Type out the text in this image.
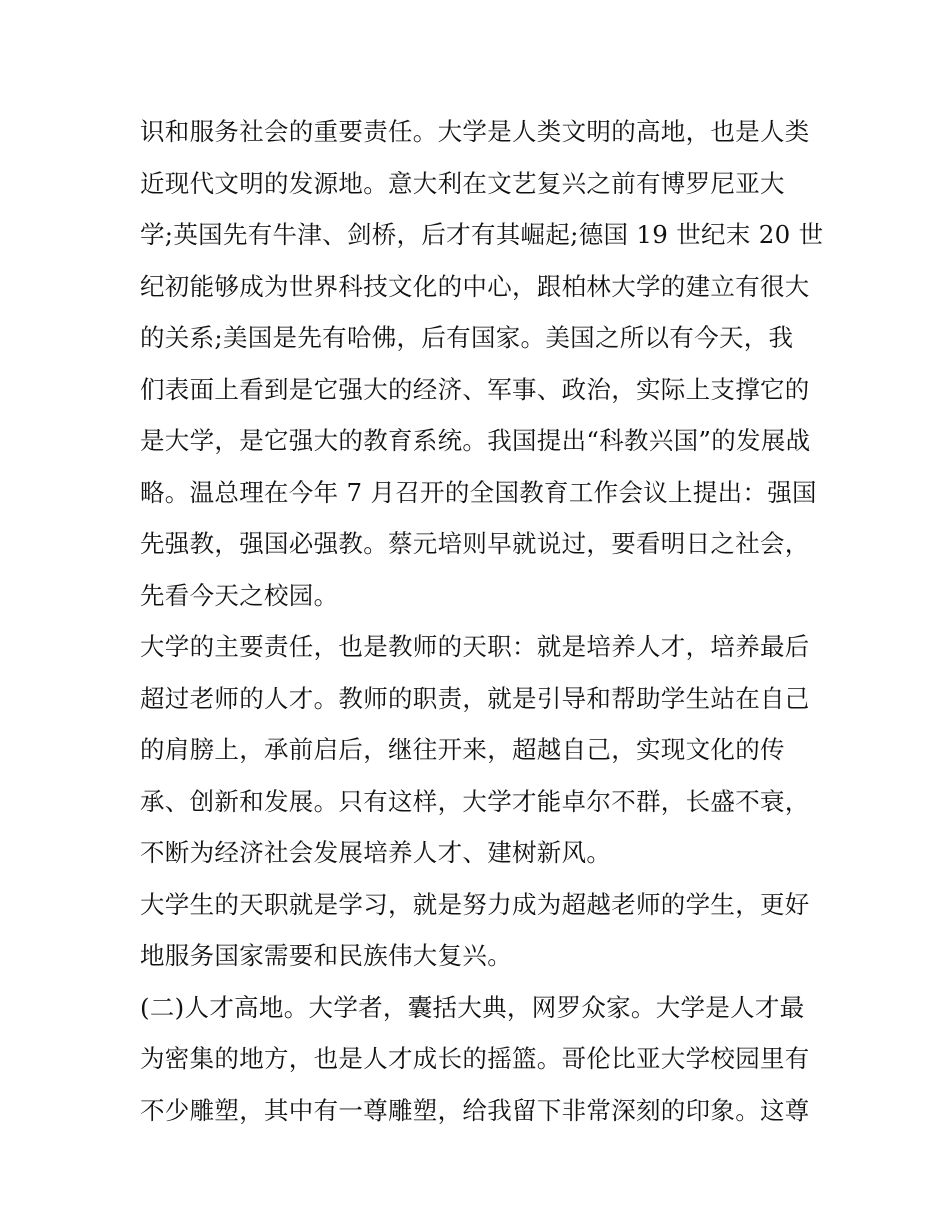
识和服务社会的重要责任。大学是人类文明的高地，也是人类
近现代文明的发源地。意大利在文艺复兴之前有博罗尼亚大
学;英国先有牛津、剑桥，后才有其崛起;德国 19 世纪末 20 世
纪初能够成为世界科技文化的中心，跟柏林大学的建立有很大
的关系;美国是先有哈佛，后有国家。美国之所以有今天，我
们表面上看到是它强大的经济、军事、政治，实际上支撑它的
是大学，是它强大的教育系统。我国提出“科教兴国”的发展战
略。温总理在今年 7 月召开的全国教育工作会议上提出：强国
先强教，强国必强教。蔡元培则早就说过，要看明日之社会，
先看今天之校园。
大学的主要责任，也是教师的天职：就是培养人才，培养最后
超过老师的人才。教师的职责，就是引导和帮助学生站在自己
的肩膀上，承前启后，继往开来，超越自己，实现文化的传
承、创新和发展。只有这样，大学才能卓尔不群，长盛不衰，
不断为经济社会发展培养人才、建树新风。
大学生的天职就是学习，就是努力成为超越老师的学生，更好
地服务国家需要和民族伟大复兴。
(二)人才高地。大学者，囊括大典，网罗众家。大学是人才最
为密集的地方，也是人才成长的摇篮。哥伦比亚大学校园里有
不少雕塑，其中有一尊雕塑，给我留下非常深刻的印象。这尊
